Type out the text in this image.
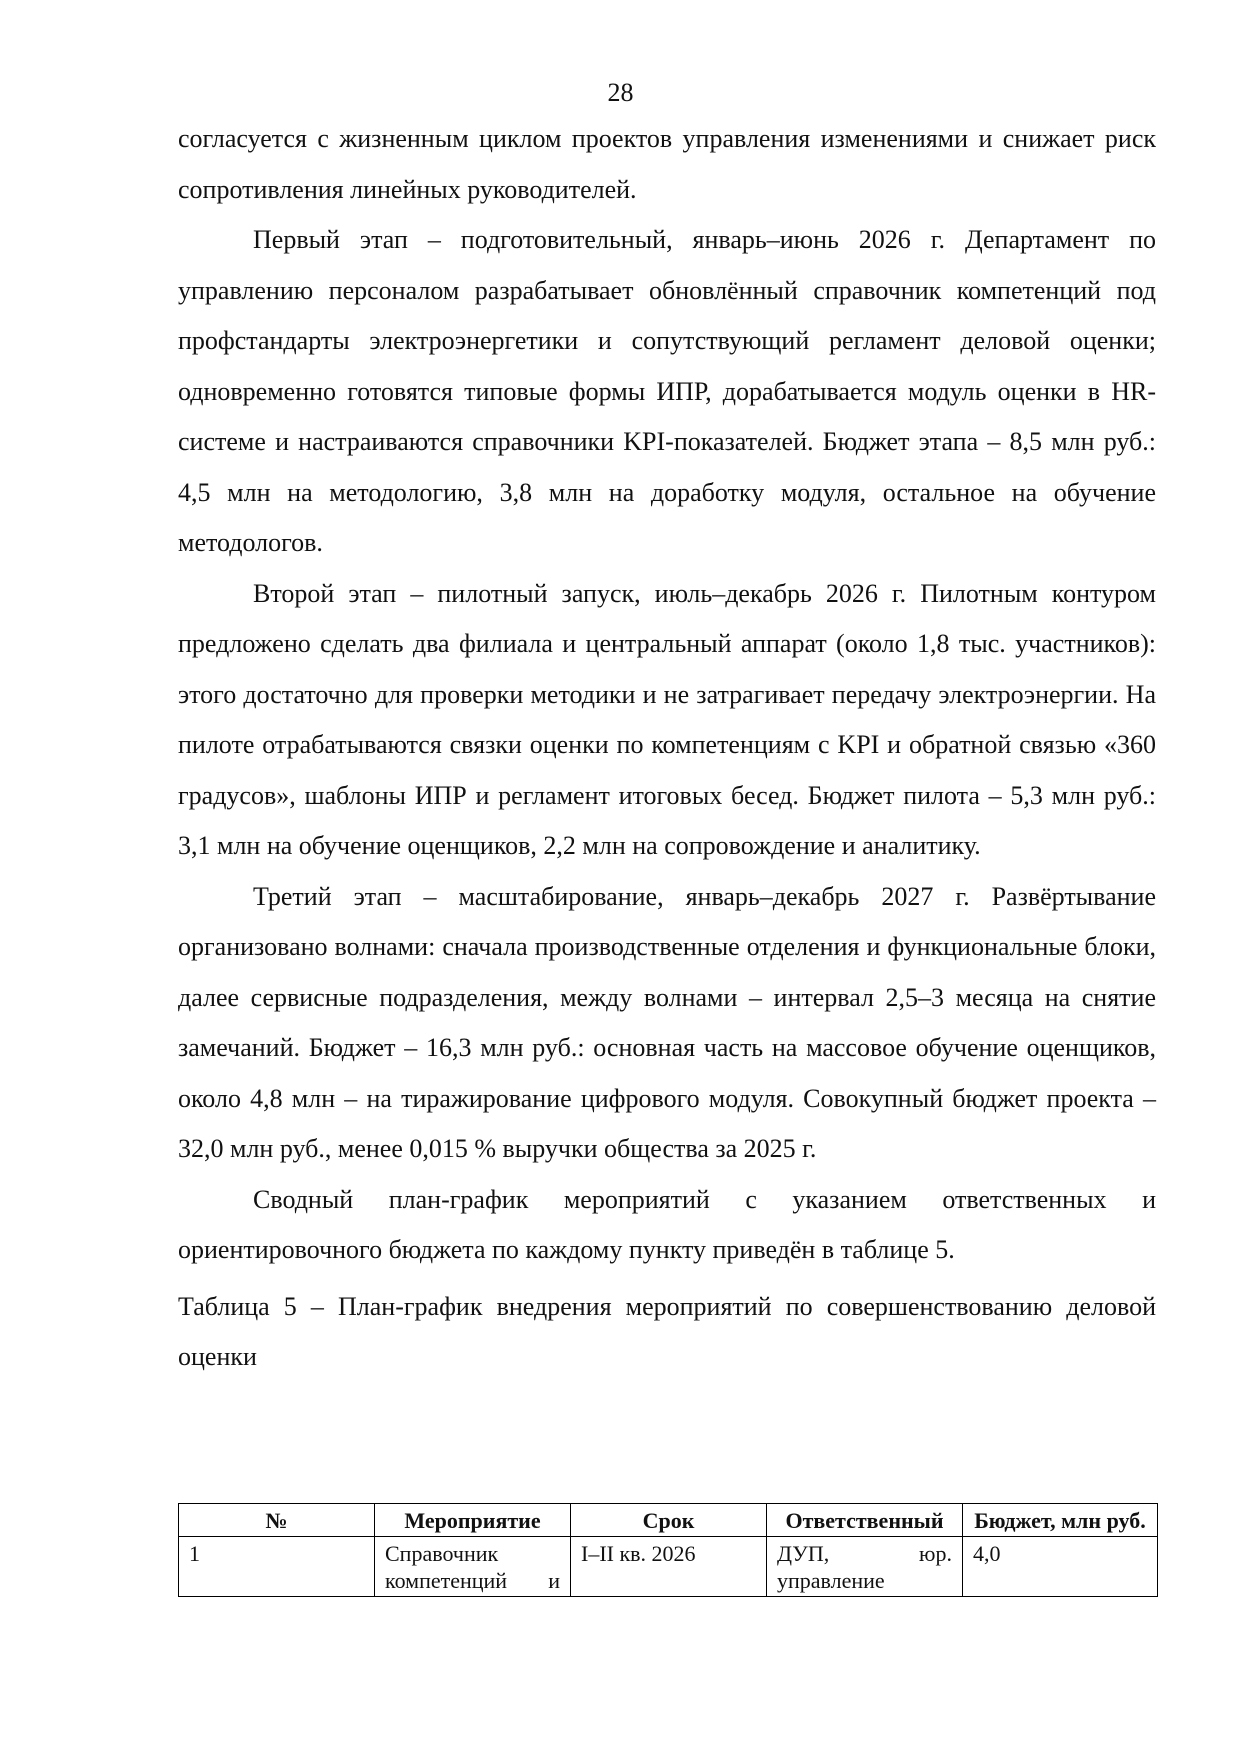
28

согласуется с жизненным циклом проектов управления изменениями и снижает риск сопротивления линейных руководителей.

Первый этап – подготовительный, январь–июнь 2026 г. Департамент по управлению персоналом разрабатывает обновлённый справочник компетенций под профстандарты электроэнергетики и сопутствующий регламент деловой оценки; одновременно готовятся типовые формы ИПР, дорабатывается модуль оценки в HR-системе и настраиваются справочники KPI-показателей. Бюджет этапа – 8,5 млн руб.: 4,5 млн на методологию, 3,8 млн на доработку модуля, остальное на обучение методологов.

Второй этап – пилотный запуск, июль–декабрь 2026 г. Пилотным контуром предложено сделать два филиала и центральный аппарат (около 1,8 тыс. участников): этого достаточно для проверки методики и не затрагивает передачу электроэнергии. На пилоте отрабатываются связки оценки по компетенциям с KPI и обратной связью «360 градусов», шаблоны ИПР и регламент итоговых бесед. Бюджет пилота – 5,3 млн руб.: 3,1 млн на обучение оценщиков, 2,2 млн на сопровождение и аналитику.

Третий этап – масштабирование, январь–декабрь 2027 г. Развёртывание организовано волнами: сначала производственные отделения и функциональные блоки, далее сервисные подразделения, между волнами – интервал 2,5–3 месяца на снятие замечаний. Бюджет – 16,3 млн руб.: основная часть на массовое обучение оценщиков, около 4,8 млн – на тиражирование цифрового модуля. Совокупный бюджет проекта – 32,0 млн руб., менее 0,015 % выручки общества за 2025 г.

Сводный план-график мероприятий с указанием ответственных и ориентировочного бюджета по каждому пункту приведён в таблице 5.

Таблица 5 – План-график внедрения мероприятий по совершенствованию деловой оценки

№	Мероприятие	Срок	Ответственный	Бюджет, млн руб.
1	Справочник компетенций и	I–II кв. 2026	ДУП, юр. управление	4,0
